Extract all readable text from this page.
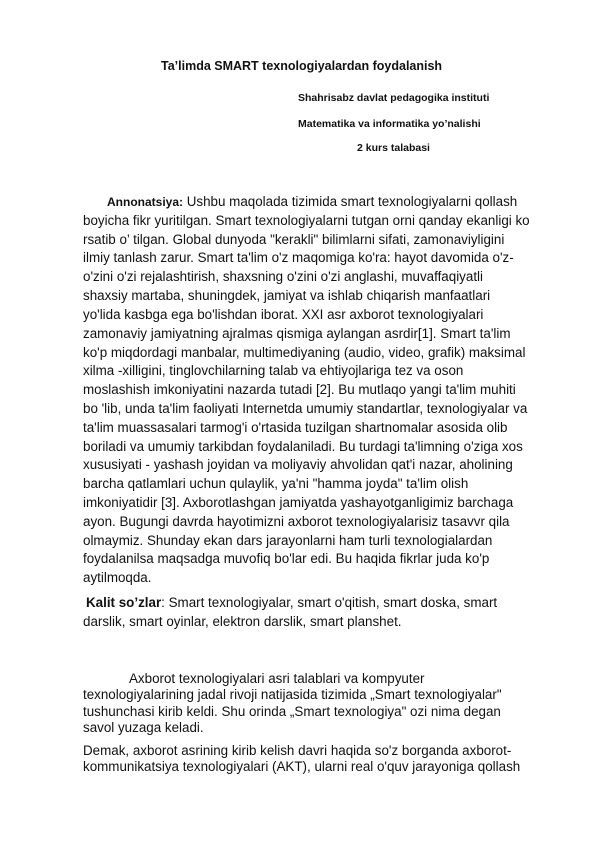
Ta’limda SMART texnologiyalardan foydalanish
Shahrisabz davlat pedagogika instituti
Matematika va informatika yo’nalishi
2 kurs talabasi
Annonatsiya: Ushbu maqolada tizimida smart texnologiyalarni qollash
boyicha fikr yuritilgan. Smart texnologiyalarni tutgan orni qanday ekanligi ko
rsatib o’ tilgan. Global dunyoda "kerakli" bilimlarni sifati, zamonaviyligini
ilmiy tanlash zarur. Smart ta'lim o'z maqomiga ko'ra: hayot davomida o'z-
o'zini o'zi rejalashtirish, shaxsning o'zini o'zi anglashi, muvaffaqiyatli
shaxsiy martaba, shuningdek, jamiyat va ishlab chiqarish manfaatlari
yo'lida kasbga ega bo'lishdan iborat. XXI asr axborot texnologiyalari
zamonaviy jamiyatning ajralmas qismiga aylangan asrdir[1]. Smart ta'lim
ko'p miqdordagi manbalar, multimediyaning (audio, video, grafik) maksimal
xilma -xilligini, tinglovchilarning talab va ehtiyojlariga tez va oson
moslashish imkoniyatini nazarda tutadi [2]. Bu mutlaqo yangi ta'lim muhiti
bo 'lib, unda ta'lim faoliyati Internetda umumiy standartlar, texnologiyalar va
ta'lim muassasalari tarmog'i o'rtasida tuzilgan shartnomalar asosida olib
boriladi va umumiy tarkibdan foydalaniladi. Bu turdagi ta'limning o'ziga xos
xususiyati - yashash joyidan va moliyaviy ahvolidan qat'i nazar, aholining
barcha qatlamlari uchun qulaylik, ya'ni "hamma joyda" ta'lim olish
imkoniyatidir [3]. Axborotlashgan jamiyatda yashayotganligimiz barchaga
ayon. Bugungi davrda hayotimizni axborot texnologiyalarisiz tasavvr qila
olmaymiz. Shunday ekan dars jarayonlarni ham turli texnologialardan
foydalanilsa maqsadga muvofiq bo'lar edi. Bu haqida fikrlar juda ko'p
aytilmoqda.
Kalit so’zlar: Smart texnologiyalar, smart o'qitish, smart doska, smart
darslik, smart oyinlar, elektron darslik, smart planshet.
Axborot texnologiyalari asri talablari va kompyuter
texnologiyalarining jadal rivoji natijasida tizimida „Smart texnologiyalar"
tushunchasi kirib keldi. Shu orinda „Smart texnologiya" ozi nima degan
savol yuzaga keladi.
Demak, axborot asrining kirib kelish davri haqida so'z borganda axborot-
kommunikatsiya texnologiyalari (AKT), ularni real o'quv jarayoniga qollash
